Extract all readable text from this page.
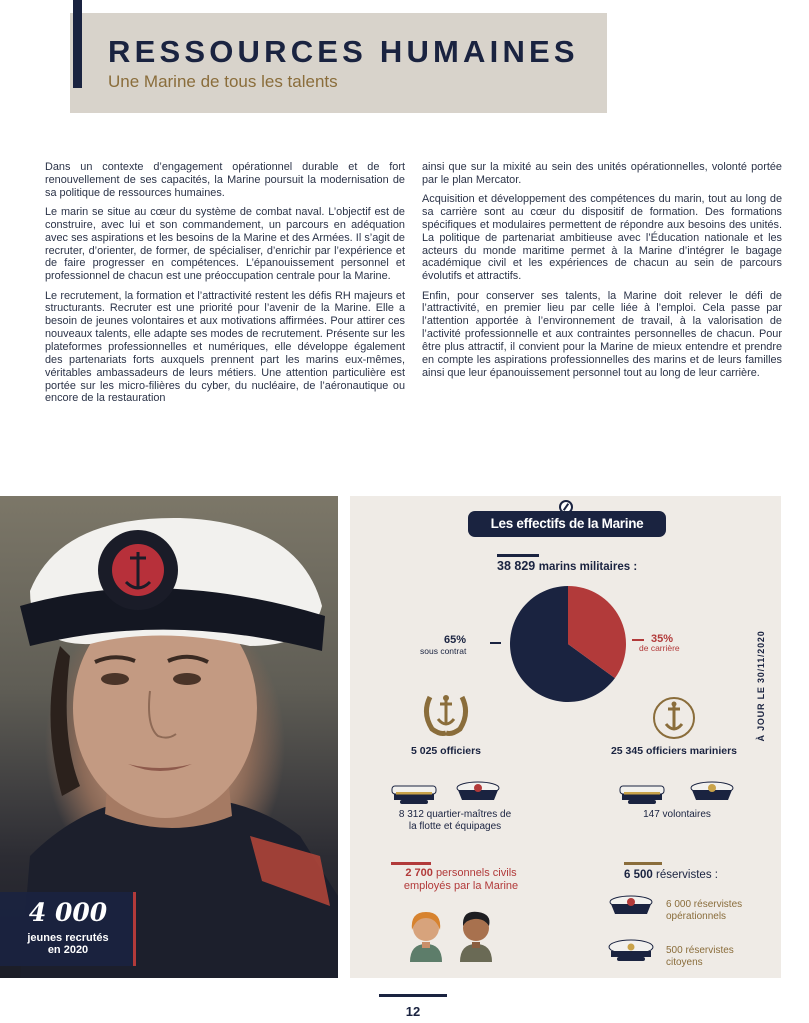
RESSOURCES HUMAINES
Une Marine de tous les talents

Dans un contexte d’engagement opérationnel durable et de fort renouvellement de ses capacités, la Marine poursuit la modernisation de sa politique de ressources humaines.

Le marin se situe au cœur du système de combat naval. L’objectif est de construire, avec lui et son commandement, un parcours en adéquation avec ses aspirations et les besoins de la Marine et des Armées. Il s’agit de recruter, d’orienter, de former, de spécialiser, d’enrichir par l’expérience et de faire progresser en compétences. L’épanouissement personnel et professionnel de chacun est une préoccupation centrale pour la Marine.

Le recrutement, la formation et l’attractivité restent les défis RH majeurs et structurants. Recruter est une priorité pour l’avenir de la Marine. Elle a besoin de jeunes volontaires et aux motivations affirmées. Pour attirer ces nouveaux talents, elle adapte ses modes de recrutement. Présente sur les plateformes professionnelles et numériques, elle développe également des partenariats forts auxquels prennent part les marins eux-mêmes, véritables ambassadeurs de leurs métiers. Une attention particulière est portée sur les micro-filières du cyber, du nucléaire, de l’aéronautique ou encore de la restauration

ainsi que sur la mixité au sein des unités opérationnelles, volonté portée par le plan Mercator.

Acquisition et développement des compétences du marin, tout au long de sa carrière sont au cœur du dispositif de formation. Des formations spécifiques et modulaires permettent de répondre aux besoins des unités. La politique de partenariat ambitieuse avec l’Éducation nationale et les acteurs du monde maritime permet à la Marine d’intégrer le bagage académique civil et les expériences de chacun au sein de parcours évolutifs et attractifs.

Enfin, pour conserver ses talents, la Marine doit relever le défi de l’attractivité, en premier lieu par celle liée à l’emploi. Cela passe par l’attention apportée à l’environnement de travail, à la valorisation de l’activité professionnelle et aux contraintes personnelles de chacun. Pour être plus attractif, il convient pour la Marine de mieux entendre et prendre en compte les aspirations professionnelles des marins et de leurs familles ainsi que leur épanouissement personnel tout au long de leur carrière.

4 000
jeunes recrutés
en 2020
Les effectifs de la Marine
À JOUR LE 30/11/2020
38 829 marins militaires :
65%
sous contrat
35%
de carrière
5 025 officiers	25 345 officiers mariniers
8 312 quartier-maîtres de
la flotte et équipages
147 volontaires
2 700 personnels civils
employés par la Marine
6 500 réservistes :
6 000 réservistes
opérationnels
500 réservistes
citoyens
12
